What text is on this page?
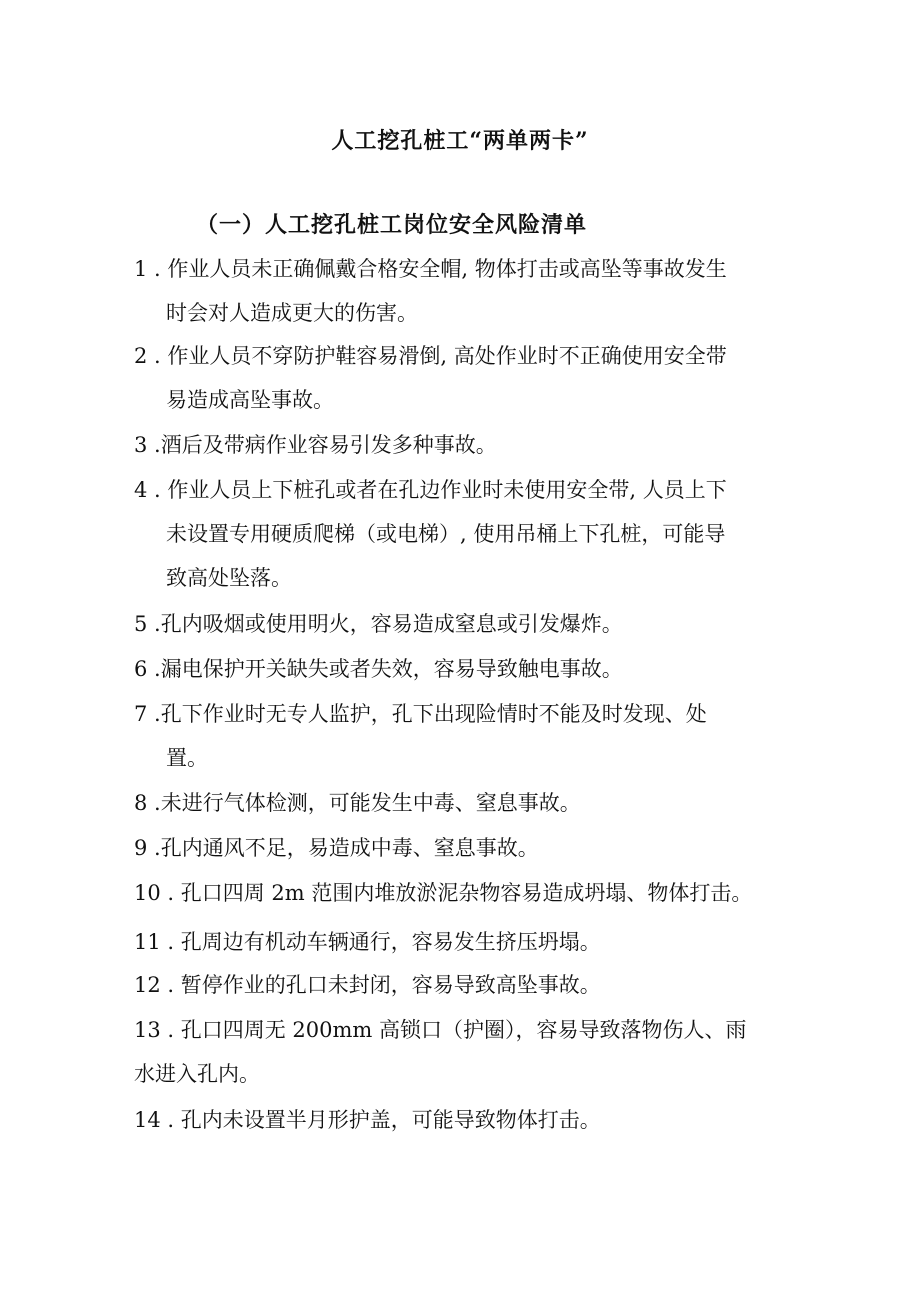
人工挖孔桩工“两单两卡”
（一）人工挖孔桩工岗位安全风险清单
1 . 作业人员未正确佩戴合格安全帽, 物体打击或高坠等事故发生
时会对人造成更大的伤害。
2 . 作业人员不穿防护鞋容易滑倒, 高处作业时不正确使用安全带
易造成高坠事故。
3 .酒后及带病作业容易引发多种事故。
4 . 作业人员上下桩孔或者在孔边作业时未使用安全带, 人员上下
未设置专用硬质爬梯（或电梯）, 使用吊桶上下孔桩，可能导
致高处坠落。
5 .孔内吸烟或使用明火，容易造成窒息或引发爆炸。
6 .漏电保护开关缺失或者失效，容易导致触电事故。
7 .孔下作业时无专人监护，孔下出现险情时不能及时发现、处
置。
8 .未进行气体检测，可能发生中毒、窒息事故。
9 .孔内通风不足，易造成中毒、窒息事故。
10 . 孔口四周 2m 范围内堆放淤泥杂物容易造成坍塌、物体打击。
11 . 孔周边有机动车辆通行，容易发生挤压坍塌。
12 . 暂停作业的孔口未封闭，容易导致高坠事故。
13 . 孔口四周无 200mm 高锁口（护圈），容易导致落物伤人、雨
水进入孔内。
14 . 孔内未设置半月形护盖，可能导致物体打击。
